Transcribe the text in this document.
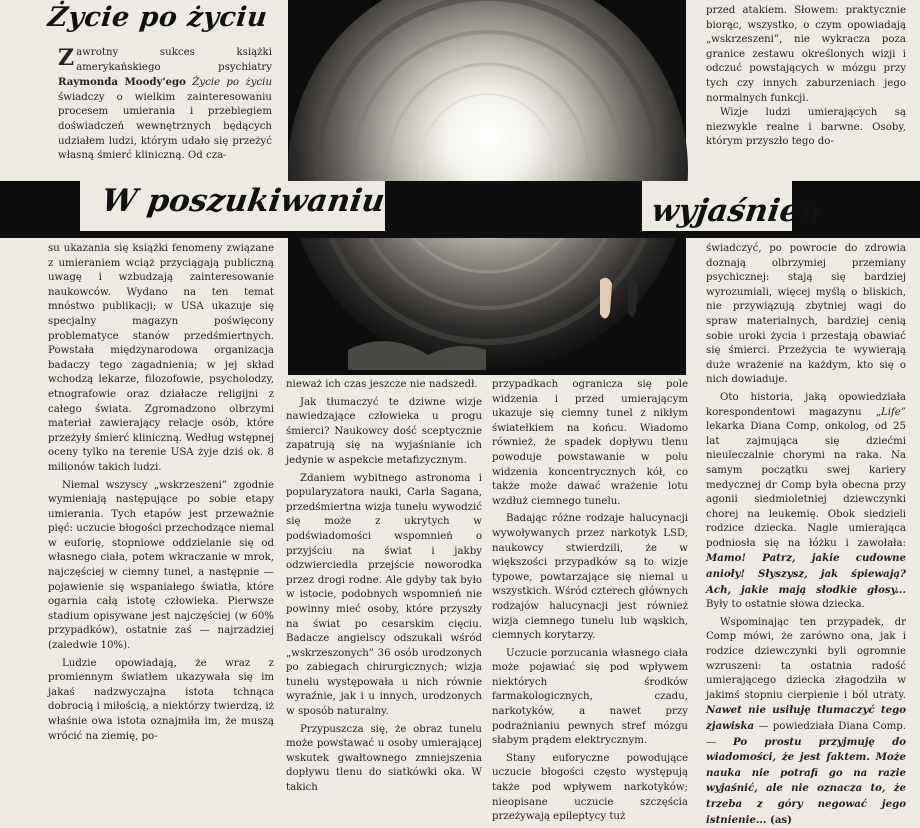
Życie po życiu

Zawrotny sukces książki amerykańskiego psychiatry Raymonda Moody'ego Życie po życiu świadczy o wielkim zainteresowaniu procesem umierania i przebiegiem doświadczeń wewnętrznych będących udziałem ludzi, którym udało się przeżyć własną śmierć kliniczną. Od cza-

W poszukiwaniu	wyjaśnień

su ukazania się książki fenomeny związane z umieraniem wciąż przyciągają publiczną uwagę i wzbudzają zainteresowanie naukowców. Wydano na ten temat mnóstwo publikacji; w USA ukazuje się specjalny magazyn poświęcony problematyce stanów przedśmiertnych. Powstała międzynarodowa organizacja badaczy tego zagadnienia; w jej skład wchodzą lekarze, filozofowie, psycholodzy, etnografowie oraz działacze religijni z całego świata. Zgromadzono olbrzymi materiał zawierający relacje osób, które przeżyły śmierć kliniczną. Według wstępnej oceny tylko na terenie USA żyje dziś ok. 8 milionów takich ludzi.

Niemal wszyscy „wskrzeszeni” zgodnie wymieniają następujące po sobie etapy umierania. Tych etapów jest przeważnie pięć: uczucie błogości przechodzące niemal w euforię, stopniowe oddzielanie się od własnego ciała, potem wkraczanie w mrok, najczęściej w ciemny tunel, a następnie — pojawienie się wspaniałego światła, które ogarnia całą istotę człowieka. Pierwsze stadium opisywane jest najczęściej (w 60% przypadków), ostatnie zaś — najrzadziej (zaledwie 10%).

Ludzie opowiadają, że wraz z promiennym światłem ukazywała się im jakaś nadzwyczajna istota tchnąca dobrocią i miłością, a niektórzy twierdzą, iż właśnie owa istota oznajmiła im, że muszą wrócić na ziemię, po-

nieważ ich czas jeszcze nie nadszedł.

Jak tłumaczyć te dziwne wizje nawiedzające człowieka u progu śmierci? Naukowcy dość sceptycznie zapatrują się na wyjaśnianie ich jedynie w aspekcie metafizycznym.

Zdaniem wybitnego astronoma i popularyzatora nauki, Carla Sagana, przedśmiertna wizja tunelu wywodzić się może z ukrytych w podświadomości wspomnień o przyjściu na świat i jakby odzwierciedla przejście noworodka przez drogi rodne. Ale gdyby tak było w istocie, podobnych wspomnień nie powinny mieć osoby, które przyszły na świat po cesarskim cięciu. Badacze angielscy odszukali wśród „wskrzeszonych” 36 osób urodzonych po zabiegach chirurgicznych; wizja tunelu występowała u nich równie wyraźnie, jak i u innych, urodzonych w sposób naturalny.

Przypuszcza się, że obraz tunelu może powstawać u osoby umierającej wskutek gwałtownego zmniejszenia dopływu tlenu do siatkówki oka. W takich

przypadkach ogranicza się pole widzenia i przed umierającym ukazuje się ciemny tunel z nikłym światełkiem na końcu. Wiadomo również, że spadek dopływu tlenu powoduje powstawanie w polu widzenia koncentrycznych kół, co także może dawać wrażenie lotu wzdłuż ciemnego tunelu.

Badając różne rodzaje halucynacji wywoływanych przez narkotyk LSD, naukowcy stwierdzili, że w większości przypadków są to wizje typowe, powtarzające się niemal u wszystkich. Wśród czterech głównych rodzajów halucynacji jest również wizja ciemnego tunelu lub wąskich, ciemnych korytarzy.

Uczucie porzucania własnego ciała może pojawiać się pod wpływem niektórych środków farmakologicznych, czadu, narkotyków, a nawet przy podrażnianiu pewnych stref mózgu słabym prądem elektrycznym.

Stany euforyczne powodujące uczucie błogości często występują także pod wpływem narkotyków; nieopisane uczucie szczęścia przeżywają epileptycy tuż

przed atakiem. Słowem: praktycznie biorąc, wszystko, o czym opowiadają „wskrzeszeni”, nie wykracza poza granice zestawu określonych wizji i odczuć powstających w mózgu przy tych czy innych zaburzeniach jego normalnych funkcji.

Wizje ludzi umierających są niezwykle realne i barwne. Osoby, którym przyszło tego do-

świadczyć, po powrocie do zdrowia doznają olbrzymiej przemiany psychicznej: stają się bardziej wyrozumiali, więcej myślą o bliskich, nie przywiązują zbytniej wagi do spraw materialnych, bardziej cenią sobie uroki życia i przestają obawiać się śmierci. Przeżycia te wywierają duże wrażenie na każdym, kto się o nich dowiaduje.

Oto historia, jaką opowiedziała korespondentowi magazynu „Life” lekarka Diana Comp, onkolog, od 25 lat zajmująca się dziećmi nieuleczalnie chorymi na raka. Na samym początku swej kariery medycznej dr Comp była obecna przy agonii siedmioletniej dziewczynki chorej na leukemię. Obok siedzieli rodzice dziecka. Nagle umierająca podniosła się na łóżku i zawołała: Mamo! Patrz, jakie cudowne anioły! Słyszysz, jak śpiewają? Ach, jakie mają słodkie głosy... Były to ostatnie słowa dziecka.

Wspominając ten przypadek, dr Comp mówi, że zarówno ona, jak i rodzice dziewczynki byli ogromnie wzruszeni: ta ostatnia radość umierającego dziecka złagodziła w jakimś stopniu cierpienie i ból utraty. Nawet nie usiłuję tłumaczyć tego zjawiska — powiedziała Diana Comp. — Po prostu przyjmuję do wiadomości, że jest faktem. Może nauka nie potrafi go na razie wyjaśnić, ale nie oznacza to, że trzeba z góry negować jego istnienie... (as)
